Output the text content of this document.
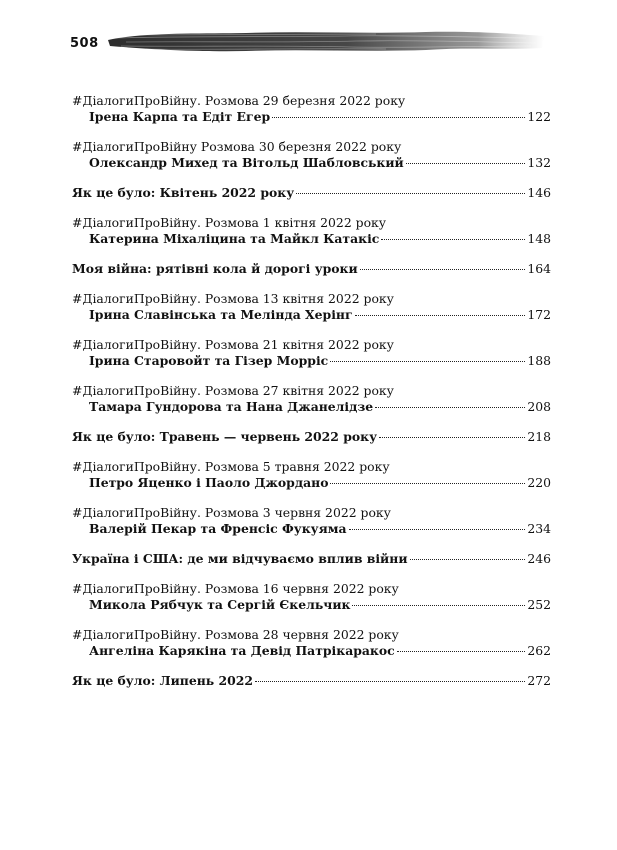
508
#ДіалогиПроВійну. Розмова 29 березня 2022 року
Ірена Карпа та Едіт Егер	122
#ДіалогиПроВійну Розмова 30 березня 2022 року
Олександр Михед та Вітольд Шабловський	132
Як це було: Квітень 2022 року	146
#ДіалогиПроВійну. Розмова 1 квітня 2022 року
Катерина Міхаліцина та Майкл Катакіс	148
Моя війна: рятівні кола й дорогі уроки	164
#ДіалогиПроВійну. Розмова 13 квітня 2022 року
Ірина Славінська та Мелінда Херінг	172
#ДіалогиПроВійну. Розмова 21 квітня 2022 року
Ірина Старовойт та Гізер Морріс	188
#ДіалогиПроВійну. Розмова 27 квітня 2022 року
Тамара Гундорова та Нана Джанелідзе	208
Як це було: Травень — червень 2022 року	218
#ДіалогиПроВійну. Розмова 5 травня 2022 року
Петро Яценко і Паоло Джордано	220
#ДіалогиПроВійну. Розмова 3 червня 2022 року
Валерій Пекар та Френсіс Фукуяма	234
Україна і США: де ми відчуваємо вплив війни	246
#ДіалогиПроВійну. Розмова 16 червня 2022 року
Микола Рябчук та Сергій Єкельчик	252
#ДіалогиПроВійну. Розмова 28 червня 2022 року
Ангеліна Карякіна та Девід Патрікаракос	262
Як це було: Липень 2022	272
